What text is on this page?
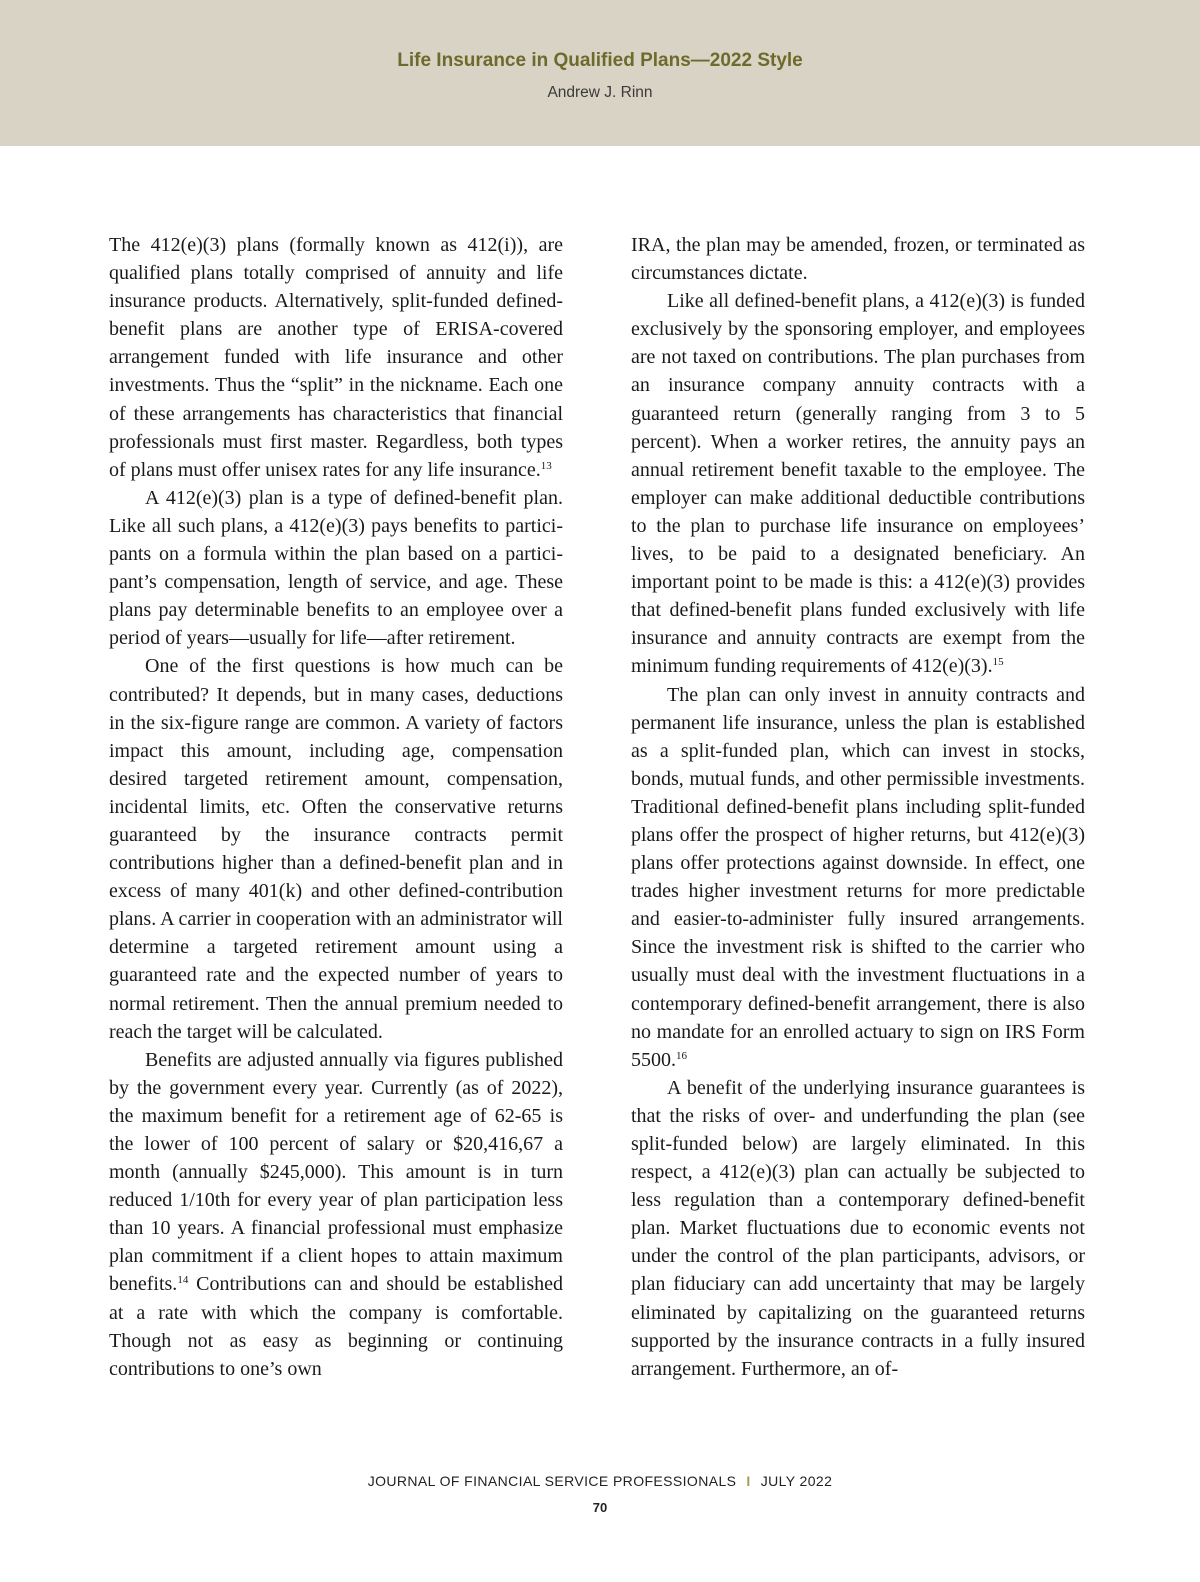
Life Insurance in Qualified Plans—2022 Style
Andrew J. Rinn

The 412(e)(3) plans (formally known as 412(i)), are qualified plans totally comprised of annuity and life insurance products. Alternatively, split-funded defined-benefit plans are another type of ERISA-covered arrangement funded with life insurance and other investments. Thus the “split” in the nickname. Each one of these arrangements has characteristics that financial professionals must first master. Regardless, both types of plans must offer unisex rates for any life insurance.$^{13}$

A 412(e)(3) plan is a type of defined-benefit plan. Like all such plans, a 412(e)(3) pays benefits to participants on a formula within the plan based on a participant’s compensation, length of service, and age. These plans pay determinable benefits to an employee over a period of years—usually for life—after retirement.

One of the first questions is how much can be contributed? It depends, but in many cases, deductions in the six-figure range are common. A variety of factors impact this amount, including age, compensation desired targeted retirement amount, compensation, incidental limits, etc. Often the conservative returns guaranteed by the insurance contracts permit contributions higher than a defined-benefit plan and in excess of many 401(k) and other defined-contribution plans. A carrier in cooperation with an administrator will determine a targeted retirement amount using a guaranteed rate and the expected number of years to normal retirement. Then the annual premium needed to reach the target will be calculated.

Benefits are adjusted annually via figures published by the government every year. Currently (as of 2022), the maximum benefit for a retirement age of 62-65 is the lower of 100 percent of salary or $20,416,67 a month (annually $245,000). This amount is in turn reduced 1/10th for every year of plan participation less than 10 years. A financial professional must emphasize plan commitment if a client hopes to attain maximum benefits.$^{14}$ Contributions can and should be established at a rate with which the company is comfortable. Though not as easy as beginning or continuing contributions to one’s own

IRA, the plan may be amended, frozen, or terminated as circumstances dictate.

Like all defined-benefit plans, a 412(e)(3) is funded exclusively by the sponsoring employer, and employees are not taxed on contributions. The plan purchases from an insurance company annuity contracts with a guaranteed return (generally ranging from 3 to 5 percent). When a worker retires, the annuity pays an annual retirement benefit taxable to the employee. The employer can make additional deductible contributions to the plan to purchase life insurance on employees’ lives, to be paid to a designated beneficiary. An important point to be made is this: a 412(e)(3) provides that defined-benefit plans funded exclusively with life insurance and annuity contracts are exempt from the minimum funding requirements of 412(e)(3).$^{15}$

The plan can only invest in annuity contracts and permanent life insurance, unless the plan is established as a split-funded plan, which can invest in stocks, bonds, mutual funds, and other permissible investments. Traditional defined-benefit plans including split-funded plans offer the prospect of higher returns, but 412(e)(3) plans offer protections against downside. In effect, one trades higher investment returns for more predictable and easier-to-administer fully insured arrangements. Since the investment risk is shifted to the carrier who usually must deal with the investment fluctuations in a contemporary defined-benefit arrangement, there is also no mandate for an enrolled actuary to sign on IRS Form 5500.16

A benefit of the underlying insurance guarantees is that the risks of over- and underfunding the plan (see split-funded below) are largely eliminated. In this respect, a 412(e)(3) plan can actually be subjected to less regulation than a contemporary defined-benefit plan. Market fluctuations due to economic events not under the control of the plan participants, advisors, or plan fiduciary can add uncertainty that may be largely eliminated by capitalizing on the guaranteed returns supported by the insurance contracts in a fully insured arrangement. Furthermore, an of-

JOURNAL OF FINANCIAL SERVICE PROFESSIONALS I JULY 2022
70
